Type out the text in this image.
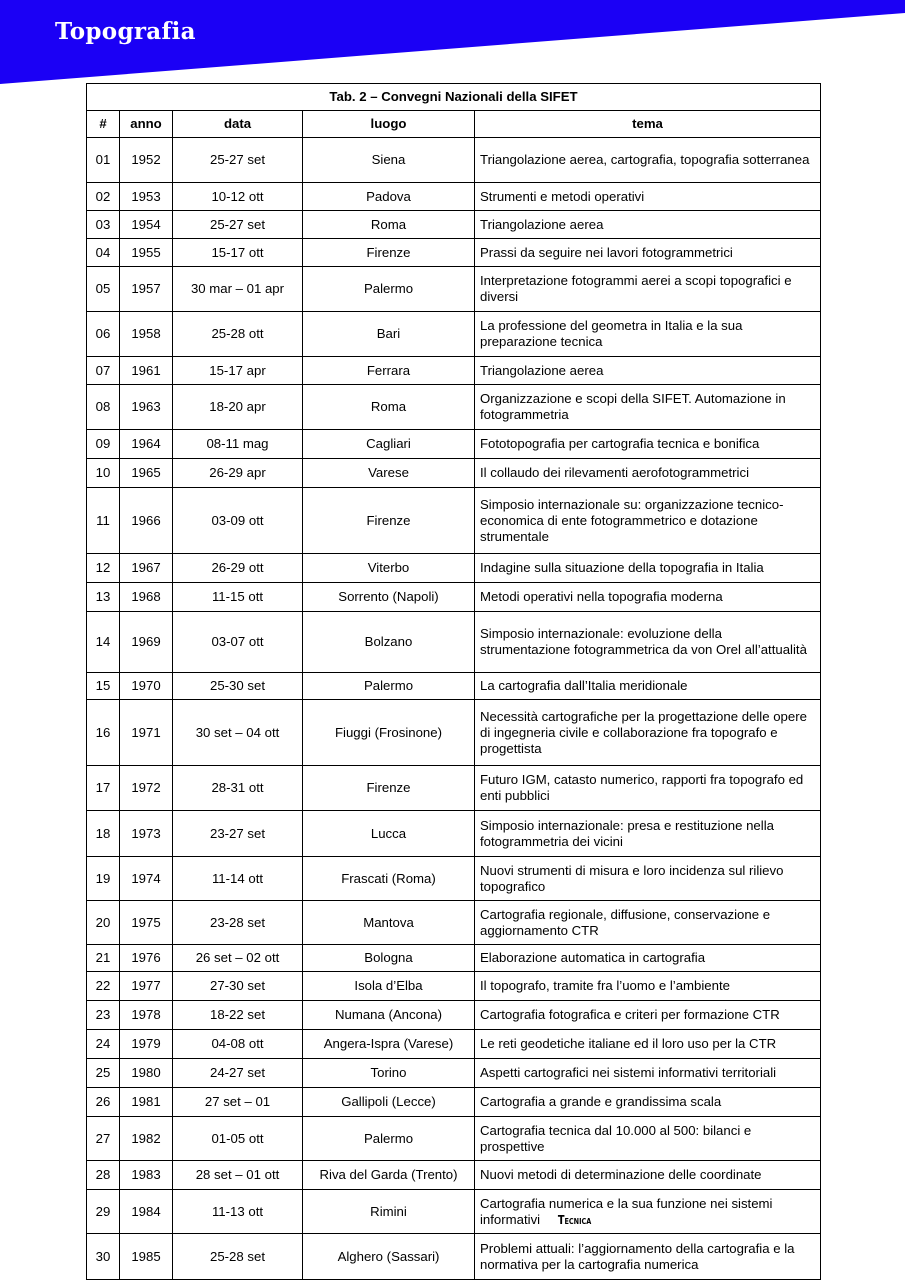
Topografia
Tab. 2 – Convegni Nazionali della SIFET				
#	anno	data	luogo	tema
01	1952	25-27 set	Siena	Triangolazione aerea, cartografia, topografia sotterranea
02	1953	10-12 ott	Padova	Strumenti e metodi operativi
03	1954	25-27 set	Roma	Triangolazione aerea
04	1955	15-17 ott	Firenze	Prassi da seguire nei lavori fotogrammetrici
05	1957	30 mar – 01 apr	Palermo	Interpretazione fotogrammi aerei a scopi topografici e diversi
06	1958	25-28 ott	Bari	La professione del geometra in Italia e la sua preparazione tecnica
07	1961	15-17 apr	Ferrara	Triangolazione aerea
08	1963	18-20 apr	Roma	Organizzazione e scopi della SIFET. Automazione in fotogrammetria
09	1964	08-11 mag	Cagliari	Fototopografia per cartografia tecnica e bonifica
10	1965	26-29 apr	Varese	Il collaudo dei rilevamenti aerofotogrammetrici
11	1966	03-09 ott	Firenze	Simposio internazionale su: organizzazione tecnico-economica di ente fotogrammetrico e dotazione strumentale
12	1967	26-29 ott	Viterbo	Indagine sulla situazione della topografia in Italia
13	1968	11-15 ott	Sorrento (Napoli)	Metodi operativi nella topografia moderna
14	1969	03-07 ott	Bolzano	Simposio internazionale: evoluzione della strumentazione fotogrammetrica da von Orel all’attualità
15	1970	25-30 set	Palermo	La cartografia dall’Italia meridionale
16	1971	30 set – 04 ott	Fiuggi (Frosinone)	Necessità cartografiche per la progettazione delle opere di ingegneria civile e collaborazione fra topografo e progettista
17	1972	28-31 ott	Firenze	Futuro IGM, catasto numerico, rapporti fra topografo ed enti pubblici
18	1973	23-27 set	Lucca	Simposio internazionale: presa e restituzione nella fotogrammetria dei vicini
19	1974	11-14 ott	Frascati (Roma)	Nuovi strumenti di misura e loro incidenza sul rilievo topografico
20	1975	23-28 set	Mantova	Cartografia regionale, diffusione, conservazione e aggiornamento CTR
21	1976	26 set – 02 ott	Bologna	Elaborazione automatica in cartografia
22	1977	27-30 set	Isola d’Elba	Il topografo, tramite fra l’uomo e l’ambiente
23	1978	18-22 set	Numana (Ancona)	Cartografia fotografica e criteri per formazione CTR
24	1979	04-08 ott	Angera-Ispra (Varese)	Le reti geodetiche italiane ed il loro uso per la CTR
25	1980	24-27 set	Torino	Aspetti cartografici nei sistemi informativi territoriali
26	1981	27 set – 01	Gallipoli (Lecce)	Cartografia a grande e grandissima scala
27	1982	01-05 ott	Palermo	Cartografia tecnica dal 10.000 al 500: bilanci e prospettive
28	1983	28 set – 01 ott	Riva del Garda (Trento)	Nuovi metodi di determinazione delle coordinate
29	1984	11-13 ott	Rimini	Cartografia numerica e la sua funzione nei sistemi informativi Tecnica
30	1985	25-28 set	Alghero (Sassari)	Problemi attuali: l’aggiornamento della cartografia e la normativa per la cartografia numerica
